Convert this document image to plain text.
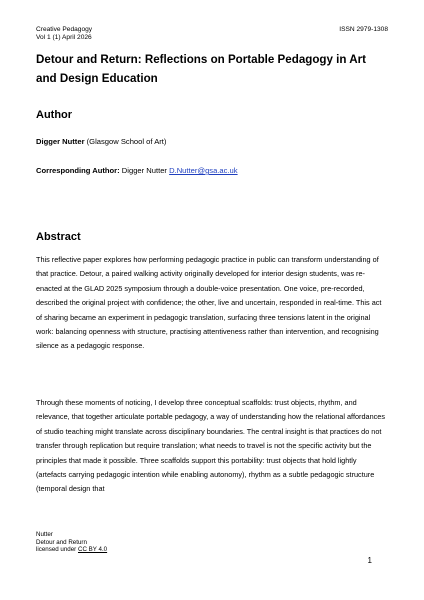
Creative Pedagogy
Vol 1 (1) April 2026
ISSN 2979-1308
Detour and Return: Reflections on Portable Pedagogy in Art and Design Education
Author
Digger Nutter (Glasgow School of Art)
Corresponding Author: Digger Nutter D.Nutter@gsa.ac.uk
Abstract
This reflective paper explores how performing pedagogic practice in public can transform understanding of that practice. Detour, a paired walking activity originally developed for interior design students, was re-enacted at the GLAD 2025 symposium through a double-voice presentation. One voice, pre-recorded, described the original project with confidence; the other, live and uncertain, responded in real-time. This act of sharing became an experiment in pedagogic translation, surfacing three tensions latent in the original work: balancing openness with structure, practising attentiveness rather than intervention, and recognising silence as a pedagogic response.
Through these moments of noticing, I develop three conceptual scaffolds: trust objects, rhythm, and relevance, that together articulate portable pedagogy, a way of understanding how the relational affordances of studio teaching might translate across disciplinary boundaries. The central insight is that practices do not transfer through replication but require translation; what needs to travel is not the specific activity but the principles that made it possible. Three scaffolds support this portability: trust objects that hold lightly (artefacts carrying pedagogic intention while enabling autonomy), rhythm as a subtle pedagogic structure (temporal design that
Nutter
Detour and Return
licensed under CC BY 4.0
1
